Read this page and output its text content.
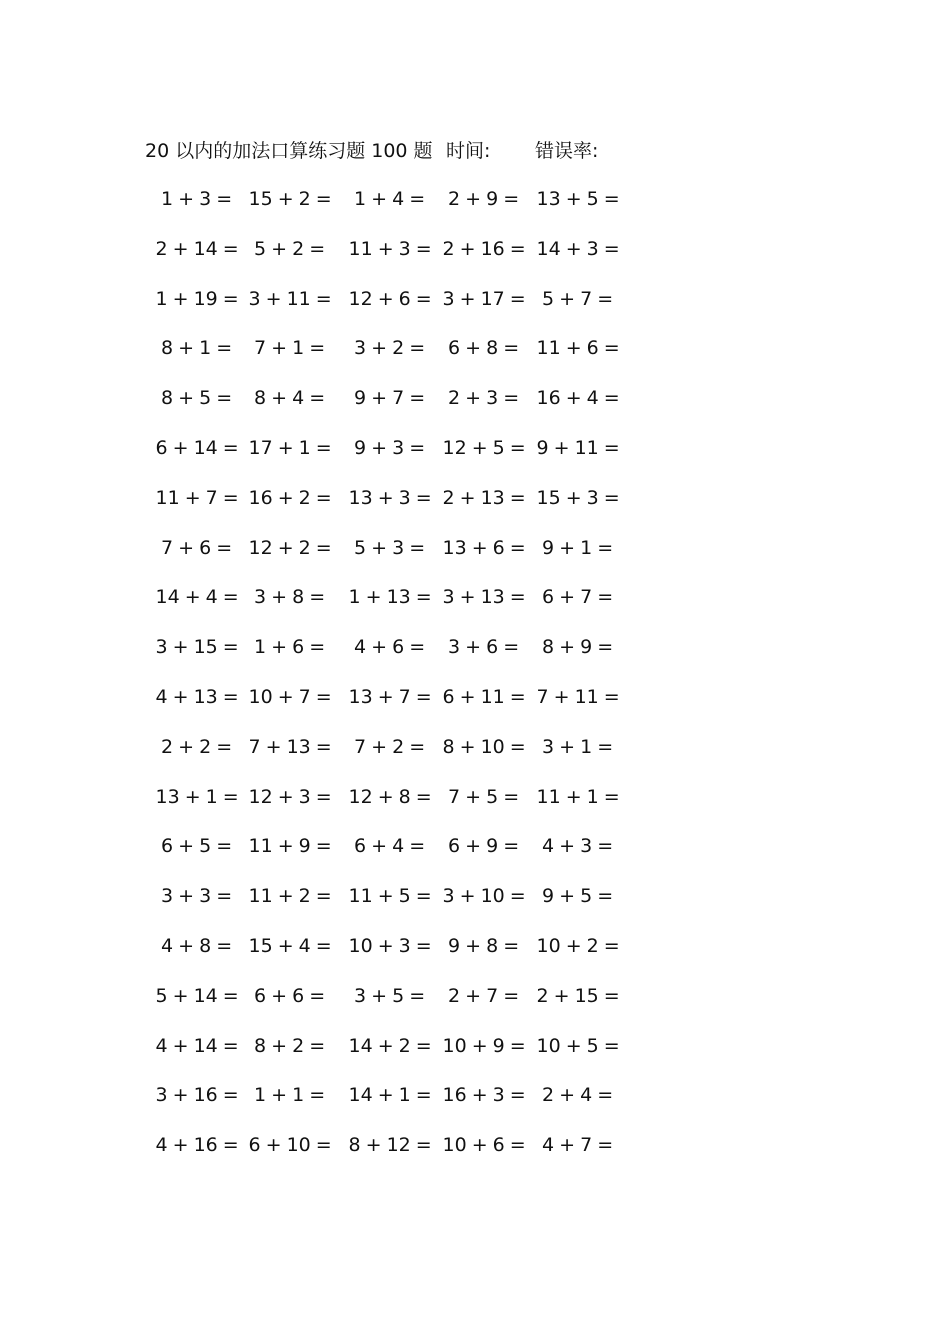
20 以内的加法口算练习题 100 题 时间: 错误率:
1 + 3 = 15 + 2 = 1 + 4 = 2 + 9 = 13 + 5 =
2 + 14 = 5 + 2 = 11 + 3 = 2 + 16 = 14 + 3 =
1 + 19 = 3 + 11 = 12 + 6 = 3 + 17 = 5 + 7 =
8 + 1 = 7 + 1 = 3 + 2 = 6 + 8 = 11 + 6 =
8 + 5 = 8 + 4 = 9 + 7 = 2 + 3 = 16 + 4 =
6 + 14 = 17 + 1 = 9 + 3 = 12 + 5 = 9 + 11 =
11 + 7 = 16 + 2 = 13 + 3 = 2 + 13 = 15 + 3 =
7 + 6 = 12 + 2 = 5 + 3 = 13 + 6 = 9 + 1 =
14 + 4 = 3 + 8 = 1 + 13 = 3 + 13 = 6 + 7 =
3 + 15 = 1 + 6 = 4 + 6 = 3 + 6 = 8 + 9 =
4 + 13 = 10 + 7 = 13 + 7 = 6 + 11 = 7 + 11 =
2 + 2 = 7 + 13 = 7 + 2 = 8 + 10 = 3 + 1 =
13 + 1 = 12 + 3 = 12 + 8 = 7 + 5 = 11 + 1 =
6 + 5 = 11 + 9 = 6 + 4 = 6 + 9 = 4 + 3 =
3 + 3 = 11 + 2 = 11 + 5 = 3 + 10 = 9 + 5 =
4 + 8 = 15 + 4 = 10 + 3 = 9 + 8 = 10 + 2 =
5 + 14 = 6 + 6 = 3 + 5 = 2 + 7 = 2 + 15 =
4 + 14 = 8 + 2 = 14 + 2 = 10 + 9 = 10 + 5 =
3 + 16 = 1 + 1 = 14 + 1 = 16 + 3 = 2 + 4 =
4 + 16 = 6 + 10 = 8 + 12 = 10 + 6 = 4 + 7 =
